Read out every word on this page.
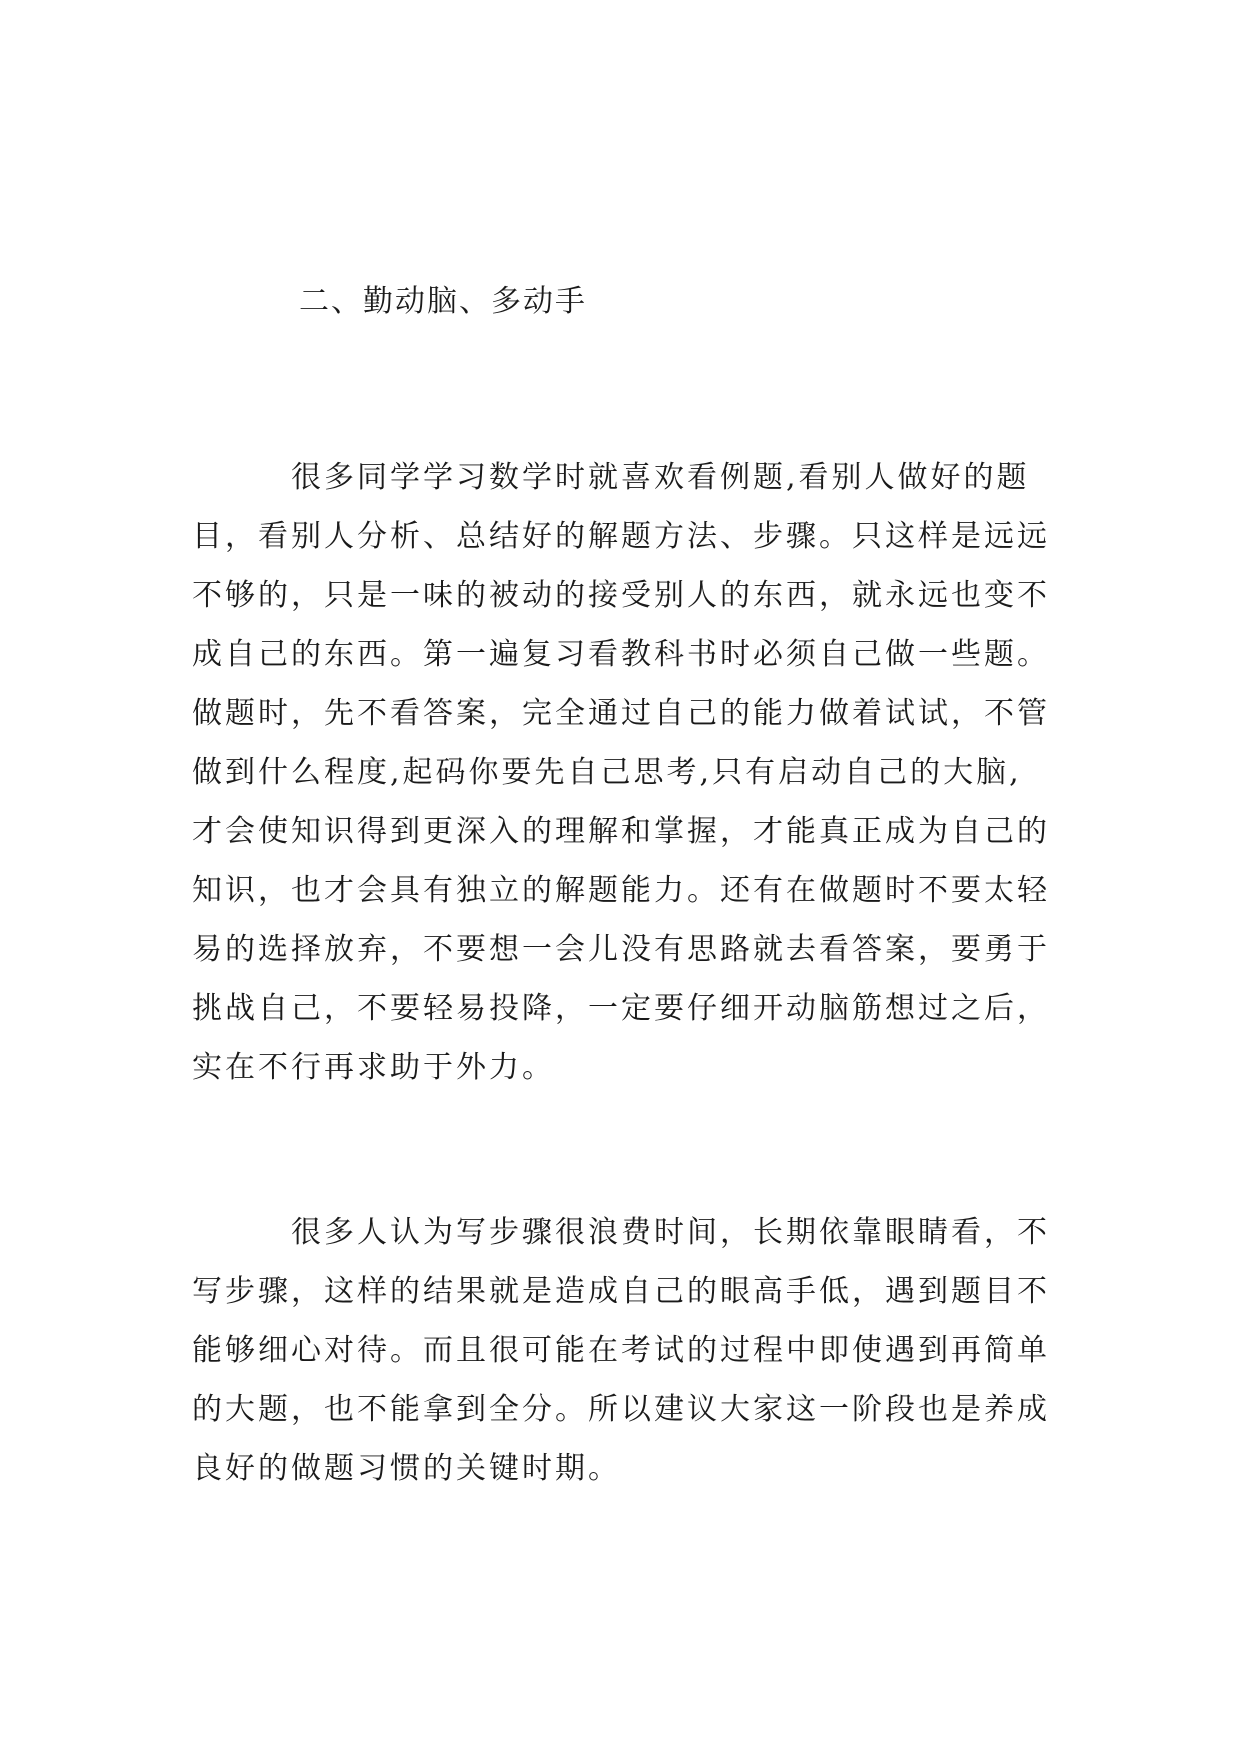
二、勤动脑、多动手
　　　很多同学学习数学时就喜欢看例题,看别人做好的题
目，看别人分析、总结好的解题方法、步骤。只这样是远远
不够的，只是一味的被动的接受别人的东西，就永远也变不
成自己的东西。第一遍复习看教科书时必须自己做一些题。
做题时，先不看答案，完全通过自己的能力做着试试，不管
做到什么程度,起码你要先自己思考,只有启动自己的大脑,
才会使知识得到更深入的理解和掌握，才能真正成为自己的
知识，也才会具有独立的解题能力。还有在做题时不要太轻
易的选择放弃，不要想一会儿没有思路就去看答案，要勇于
挑战自己，不要轻易投降，一定要仔细开动脑筋想过之后，
实在不行再求助于外力。
　　　很多人认为写步骤很浪费时间，长期依靠眼睛看，不
写步骤，这样的结果就是造成自己的眼高手低，遇到题目不
能够细心对待。而且很可能在考试的过程中即使遇到再简单
的大题，也不能拿到全分。所以建议大家这一阶段也是养成
良好的做题习惯的关键时期。
